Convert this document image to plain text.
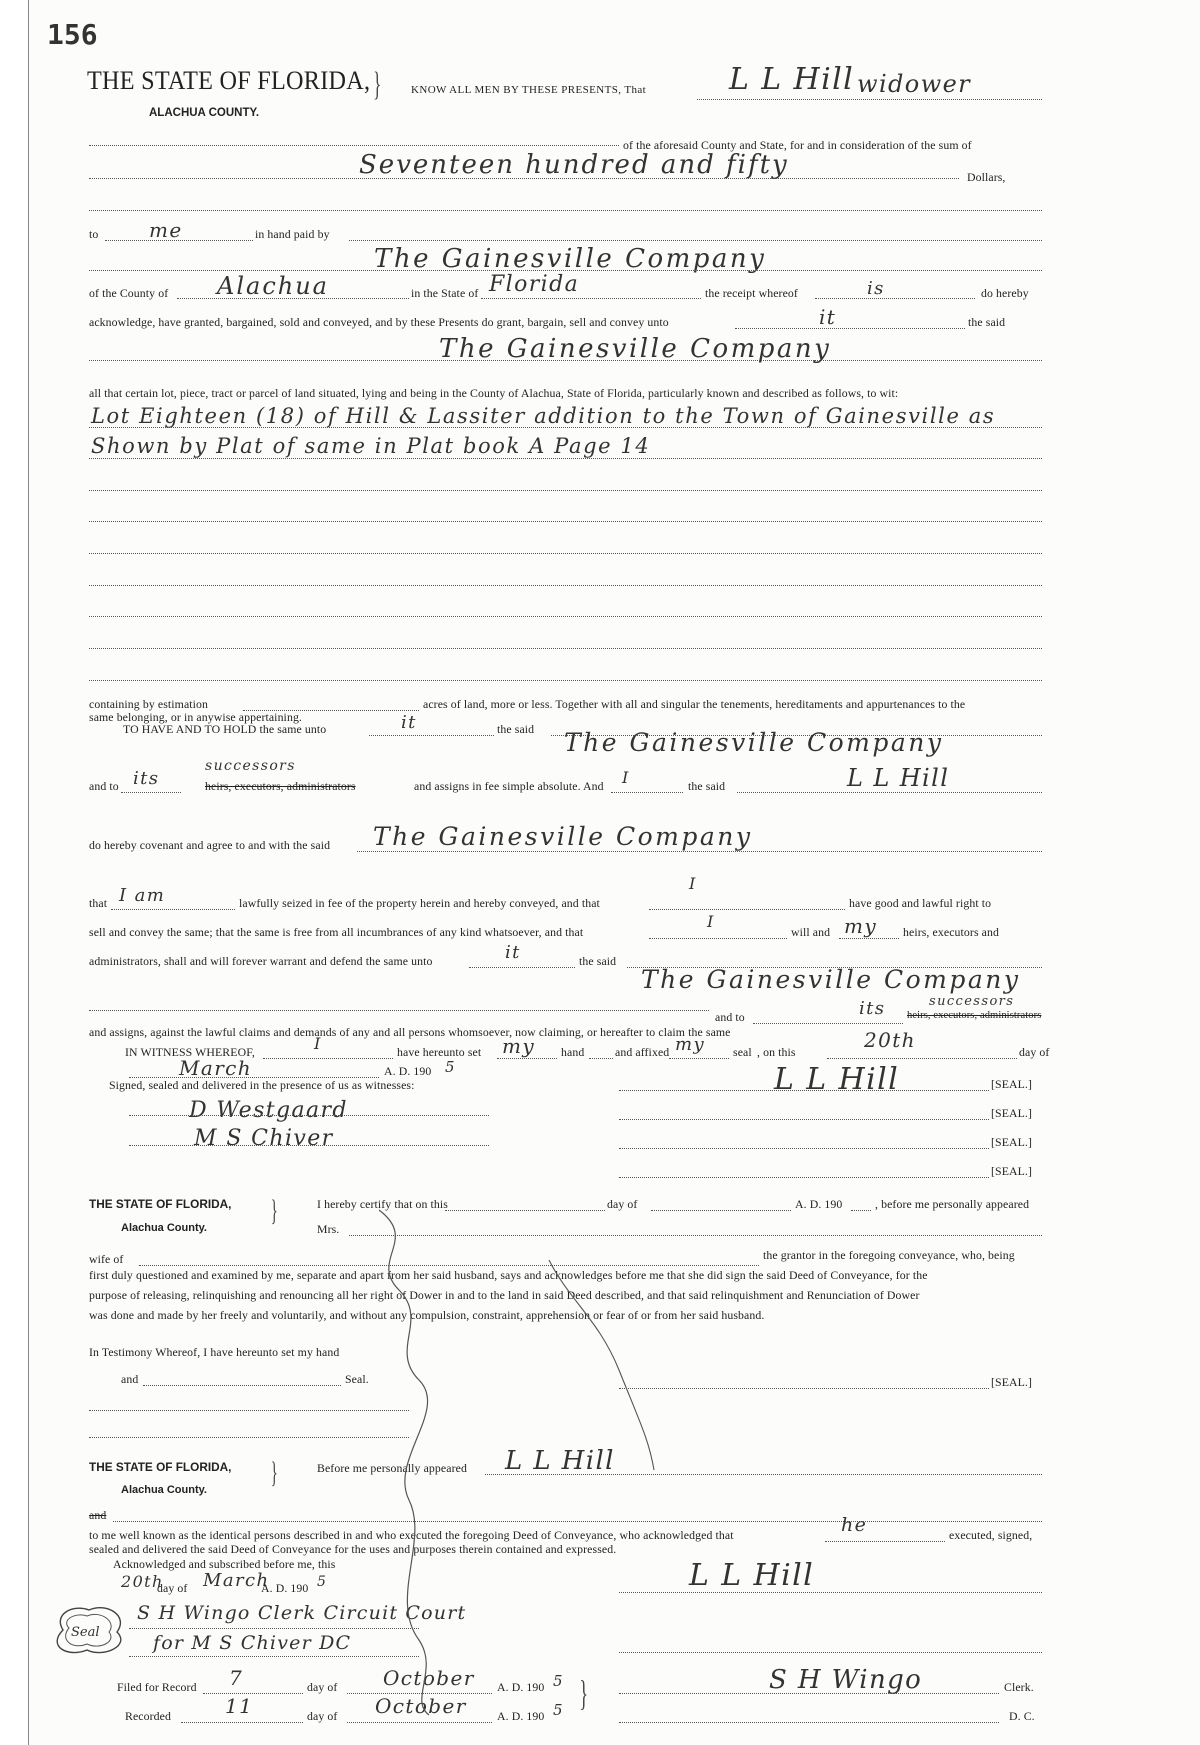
156
THE STATE OF FLORIDA,
ALACHUA COUNTY.
}	KNOW ALL MEN BY THESE PRESENTS, That	L L Hill widower
of the aforesaid County and State, for and in consideration of the sum of
Seventeen hundred and fifty	Dollars,
to	me	in hand paid by
The Gainesville Company
of the County of Alachua	in the State of Florida	the receipt whereof	is	do hereby
acknowledge, have granted, bargained, sold and conveyed, and by these Presents do grant, bargain, sell and convey unto	it	the said
The Gainesville Company
all that certain lot, piece, tract or parcel of land situated, lying and being in the County of Alachua, State of Florida, particularly known and described as follows, to wit:
Lot Eighteen (18) of Hill & Lassiter addition to the Town of Gainesville as
Shown by Plat of same in Plat book A Page 14
containing by estimation	acres of land, more or less. Together with all and singular the tenements, hereditaments and appurtenances to the
same belonging, or in anywise appertaining.
TO HAVE AND TO HOLD the same unto	it	the said The Gainesville Company
and to its
successors
heirs, executors, administrators	and assigns in fee simple absolute. And I	the said	L L Hill
do hereby covenant and agree to and with the said The Gainesville Company
that I am	lawfully seized in fee of the property herein and hereby conveyed, and that
I
have good and lawful right to
sell and convey the same; that the same is free from all incumbrances of any kind whatsoever, and that
I
will and my heirs, executors and
administrators, shall and will forever warrant and defend the same unto	it	the said
The Gainesville Company
and to	its	successors
heirs, executors, administrators
and assigns, against the lawful claims and demands of any and all persons whomsoever, now claiming, or hereafter to claim the same
IN WITNESS WHEREOF,	I	have hereunto set my hand	and affixed my seal , on this	20th	day of
March	A. D. 190 5
Signed, sealed and delivered in the presence of us as witnesses:	L L Hill
D Westgaard
M S Chiver
[SEAL.]
[SEAL.]
[SEAL.]
[SEAL.]
THE STATE OF FLORIDA,
Alachua County.
}	I hereby certify that on this	day of	A. D. 190	, before me personally appeared
Mrs.
wife of	the grantor in the foregoing conveyance, who, being
first duly questioned and examined by me, separate and apart from her said husband, says and acknowledges before me that she did sign the said Deed of Conveyance, for the
purpose of releasing, relinquishing and renouncing all her right of Dower in and to the land in said Deed described, and that said relinquishment and Renunciation of Dower
was done and made by her freely and voluntarily, and without any compulsion, constraint, apprehension or fear of or from her said husband.
In Testimony Whereof, I have hereunto set my hand
and	Seal.	[SEAL.]
THE STATE OF FLORIDA,
Alachua County.
}	Before me personally appeared L L Hill
and
to me well known as the identical persons described in and who executed the foregoing Deed of Conveyance, who acknowledged that	he	executed, signed,
sealed and delivered the said Deed of Conveyance for the uses and purposes therein contained and expressed.
Acknowledged and subscribed before me, this
20th
day of March
A. D. 190 5	L L Hill
Seal
S H Wingo Clerk Circuit Court
for M S Chiver DC
Filed for Record 7	day of October A. D. 190 5
Recorded	11	day of October	A. D. 190 5 }	S H Wingo	Clerk.
D. C.
